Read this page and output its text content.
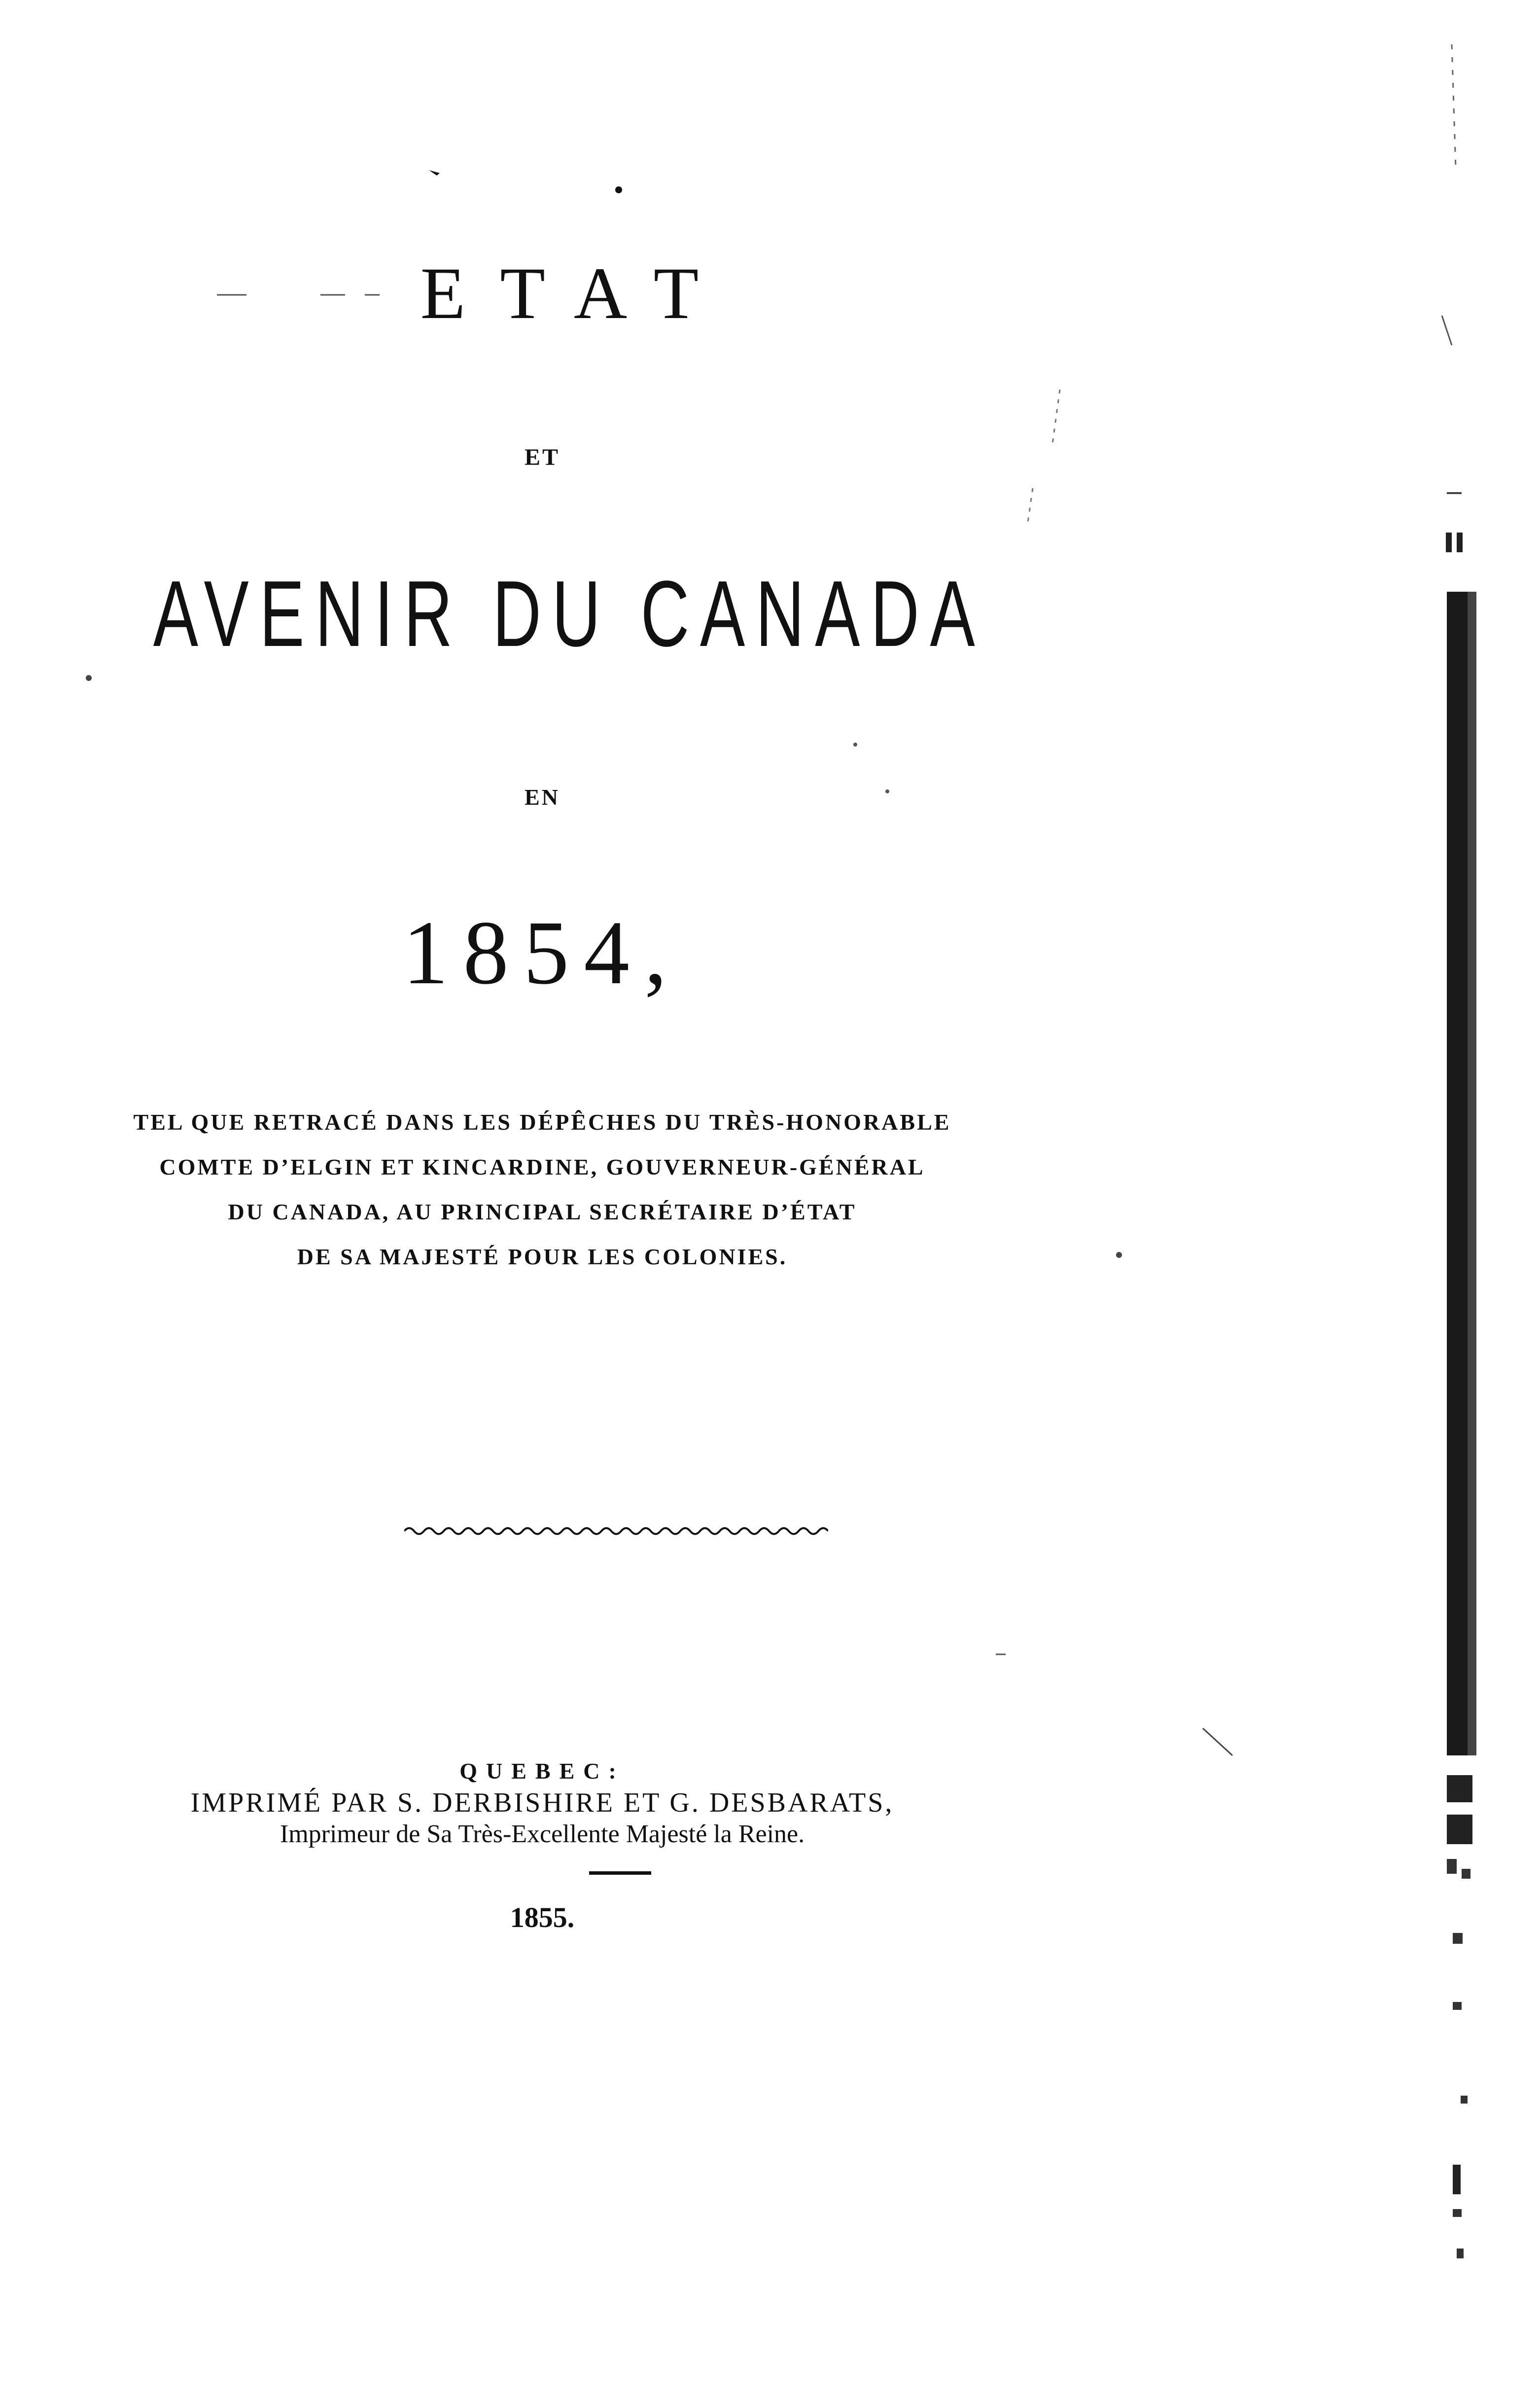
ETAT
ET
AVENIR DU CANADA
EN
1854,
TEL QUE RETRACÉ DANS LES DÉPÊCHES DU TRÈS-HONORABLE
COMTE D’ELGIN ET KINCARDINE, GOUVERNEUR-GÉNÉRAL
DU CANADA, AU PRINCIPAL SECRÉTAIRE D’ÉTAT
DE SA MAJESTÉ POUR LES COLONIES.
QUEBEC:
IMPRIMÉ PAR S. DERBISHIRE ET G. DESBARATS,
Imprimeur de Sa Très-Excellente Majesté la Reine.
1855.
